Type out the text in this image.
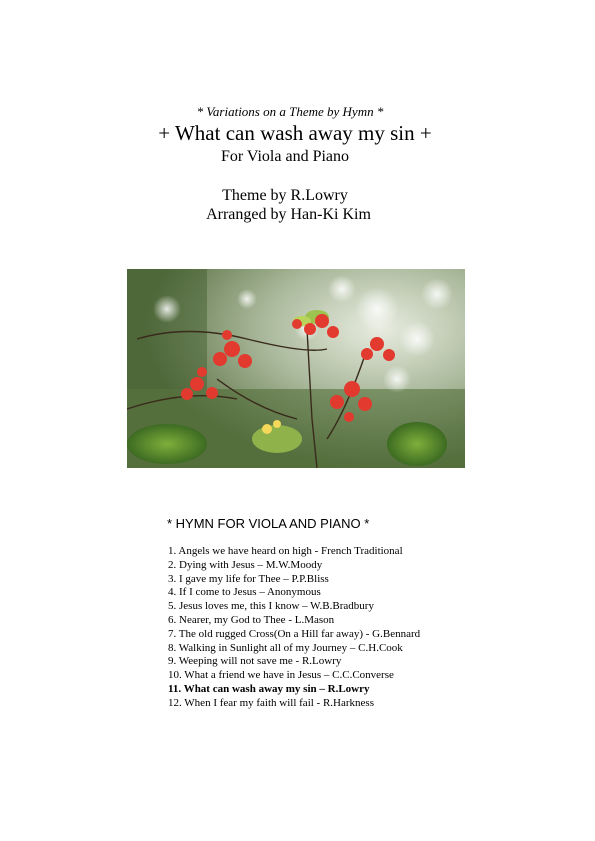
* Variations on a Theme by Hymn *
+ What can wash away my sin +
For Viola and Piano
Theme by R.Lowry
Arranged by Han-Ki Kim
* HYMN FOR VIOLA AND PIANO *
1. Angels we have heard on high - French Traditional
2. Dying with Jesus – M.W.Moody
3. I gave my life for Thee – P.P.Bliss
4. If I come to Jesus – Anonymous
5. Jesus loves me, this I know – W.B.Bradbury
6. Nearer, my God to Thee - L.Mason
7. The old rugged Cross(On a Hill far away) - G.Bennard
8. Walking in Sunlight all of my Journey – C.H.Cook
9. Weeping will not save me - R.Lowry
10. What a friend we have in Jesus – C.C.Converse
11. What can wash away my sin – R.Lowry
12. When I fear my faith will fail - R.Harkness
